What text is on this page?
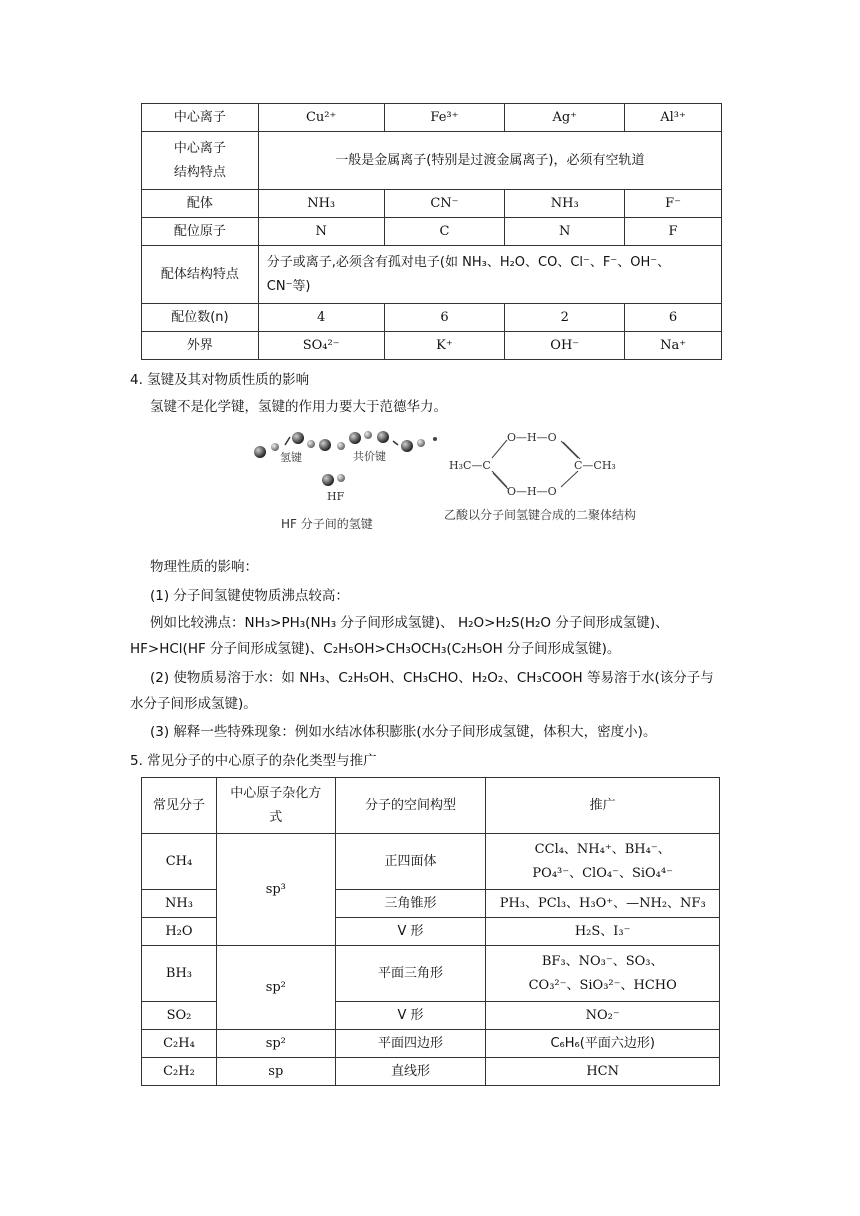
中心离子	Cu²⁺	Fe³⁺	Ag⁺	Al³⁺

中心离子
结构特点	一般是金属离子(特别是过渡金属离子)，必须有空轨道			
配体	NH₃	CN⁻	NH₃	F⁻
配位原子	N	C	N	F
配体结构特点	分子或离子,必须含有孤对电子(如 NH₃、H₂O、CO、Cl⁻、F⁻、OH⁻、
CN⁻等)			

配位数(n)	4	6	2	6
外界	SO₄²⁻	K⁺	OH⁻	Na⁺
4. 氢键及其对物质性质的影响
氢键不是化学键，氢键的作用力要大于范德华力。
氢键	共价键
HF
HF 分子间的氢键
O—H—O
O—H—O
H₃C—C	C—CH₃
乙酸以分子间氢键合成的二聚体结构
物理性质的影响：
(1) 分子间氢键使物质沸点较高：
例如比较沸点：NH₃>PH₃(NH₃ 分子间形成氢键)、 H₂O>H₂S(H₂O 分子间形成氢键)、
HF>HCl(HF 分子间形成氢键)、C₂H₅OH>CH₃OCH₃(C₂H₅OH 分子间形成氢键)。
(2) 使物质易溶于水：如 NH₃、C₂H₅OH、CH₃CHO、H₂O₂、CH₃COOH 等易溶于水(该分子与
水分子间形成氢键)。
(3) 解释一些特殊现象：例如水结冰体积膨胀(水分子间形成氢键，体积大，密度小)。
5. 常见分子的中心原子的杂化类型与推广
常见分子	中心原子杂化方
式	分子的空间构型	推广
CH₄	sp³	正四面体	CCl₄、NH₄⁺、BH₄⁻、
PO₄³⁻、ClO₄⁻、SiO₄⁴⁻

NH₃		三角锥形	PH₃、PCl₃、H₃O⁺、—NH₂、NF₃
H₂O		V 形	H₂S、I₃⁻
BH₃	sp²	平面三角形	BF₃、NO₃⁻、SO₃、
CO₃²⁻、SiO₃²⁻、HCHO

SO₂		V 形	NO₂⁻
C₂H₄	sp²	平面四边形	C₆H₆(平面六边形)
C₂H₂	sp	直线形	HCN
